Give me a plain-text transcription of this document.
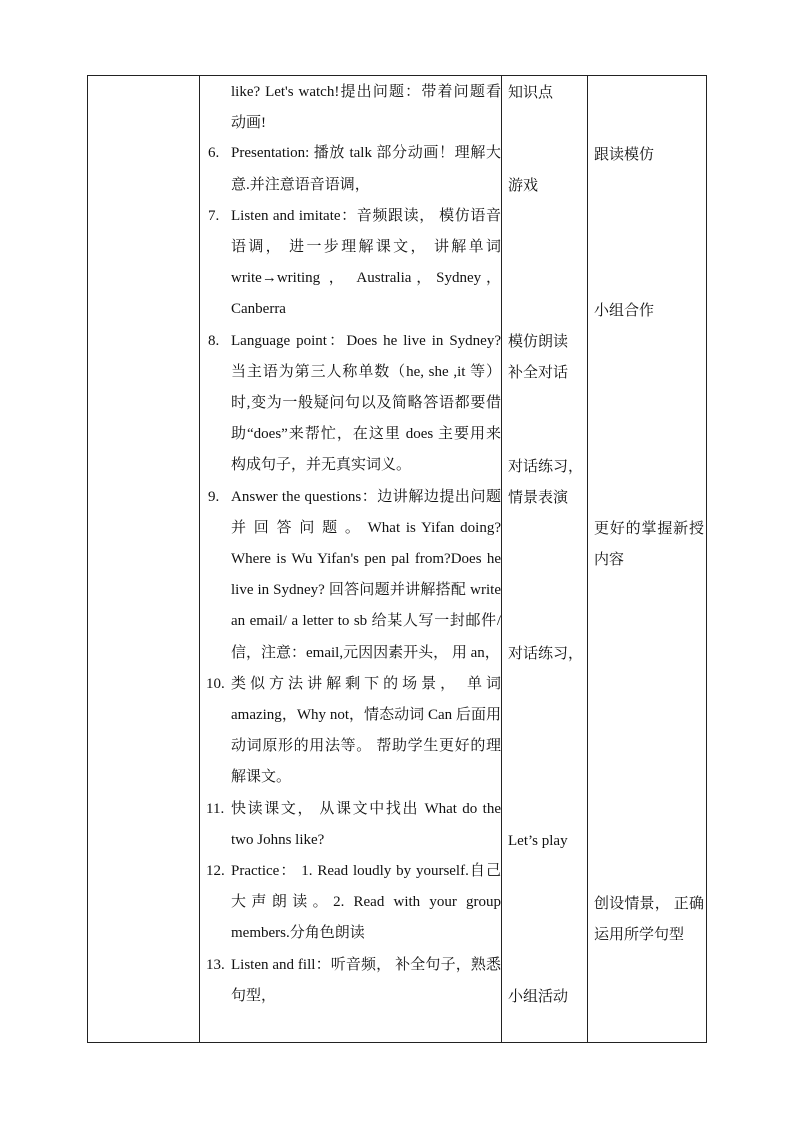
like? Let's watch!提出问题：带着问题看动画!
6. Presentation: 播放 talk 部分动画！理解大意.并注意语音语调，
7. Listen and imitate：音频跟读， 模仿语音语调， 进一步理解课文， 讲解单词 write→writing ， Australia，Sydney，Canberra
8. Language point：Does he live in Sydney? 当主语为第三人称单数（he, she ,it 等）时,变为一般疑问句以及简略答语都要借助“does”来帮忙，在这里 does 主要用来构成句子，并无真实词义。
9. Answer the questions：边讲解边提出问题 并 回 答 问 题 。 What is Yifan doing?Where is Wu Yifan's pen pal from?Does he live in Sydney? 回答问题并讲解搭配 write an email/ a letter to sb 给某人写一封邮件/信，注意：email,元因因素开头， 用 an，
10. 类似方法讲解剩下的场景， 单词 amazing，Why not，情态动词 Can 后面用动词原形的用法等。 帮助学生更好的理解课文。
11. 快读课文， 从课文中找出 What do the two Johns like?
12. Practice： 1. Read loudly by yourself.自己大声朗读。2. Read with your group members.分角色朗读
13. Listen and fill：听音频， 补全句子，熟悉句型，
知识点
游戏
模仿朗读
补全对话
对话练习，
情景表演
对话练习，
Let’s play
小组活动
跟读模仿
小组合作
更好的掌握新授内容
创设情景， 正确运用所学句型
